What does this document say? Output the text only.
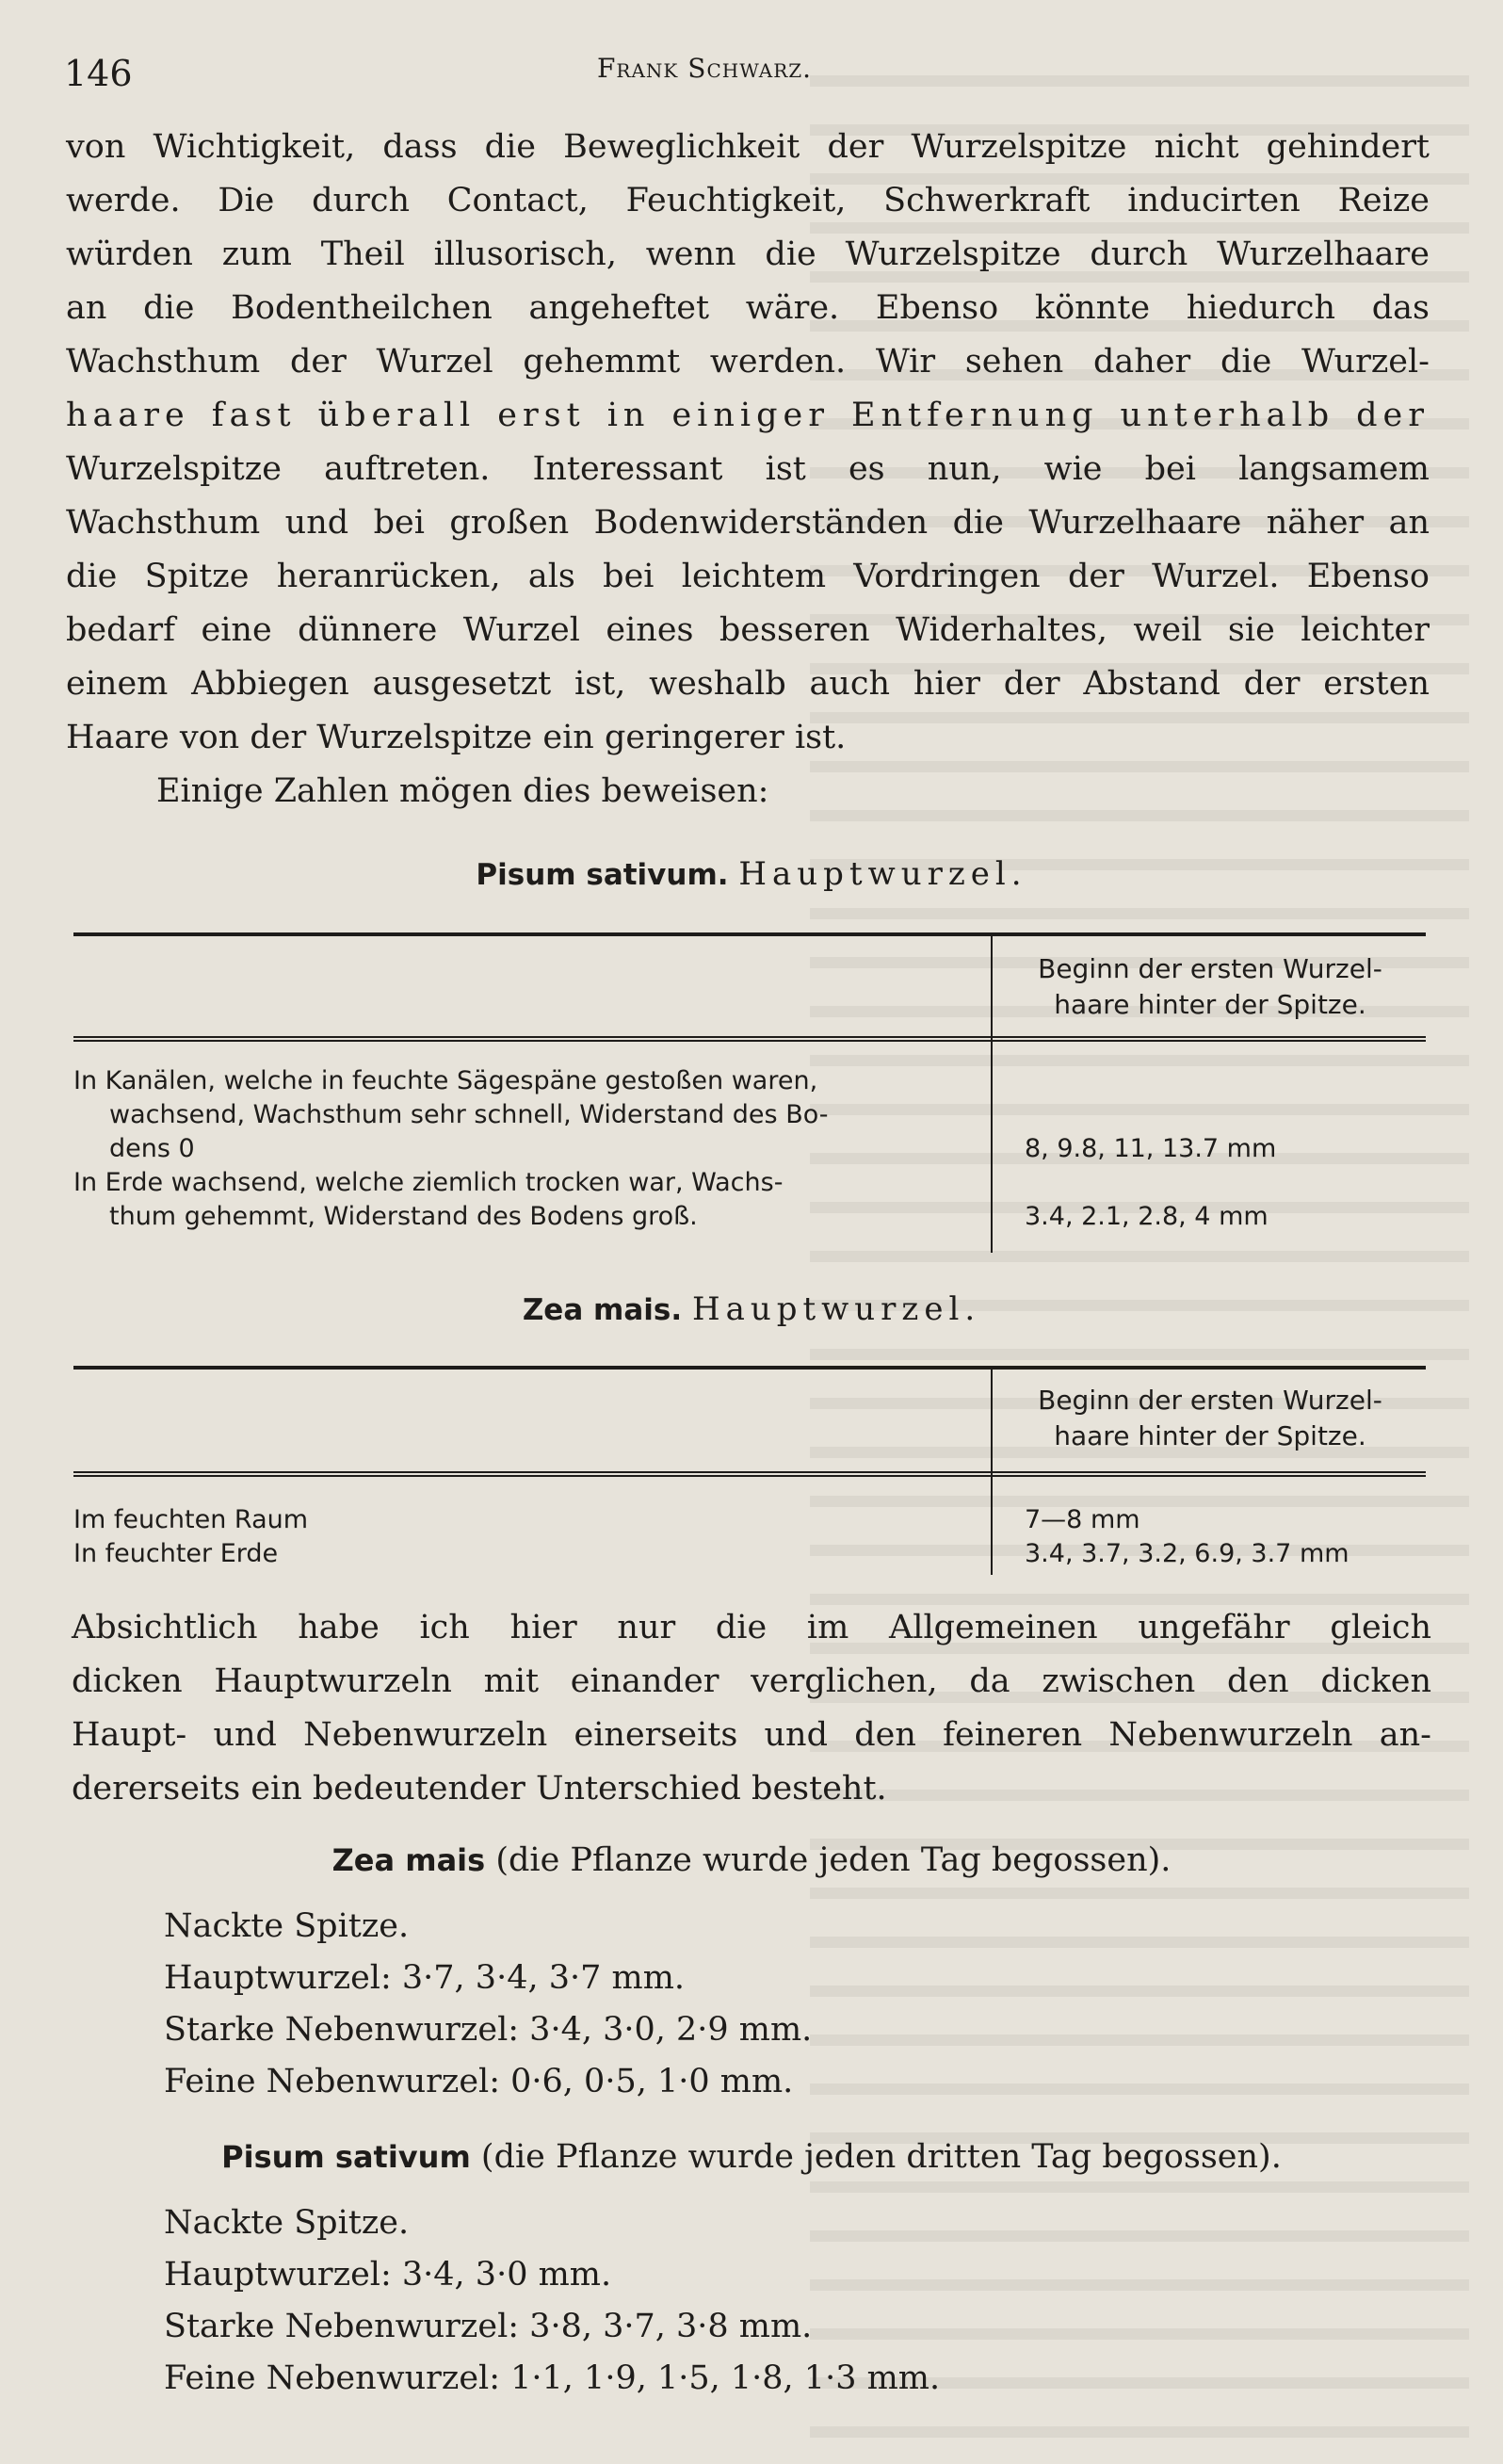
146	Frank Schwarz.
von Wichtigkeit, dass die Beweglichkeit der Wurzelspitze nicht gehindert
werde. Die durch Contact, Feuchtigkeit, Schwerkraft inducirten Reize
würden zum Theil illusorisch, wenn die Wurzelspitze durch Wurzelhaare
an die Bodentheilchen angeheftet wäre. Ebenso könnte hiedurch das
Wachsthum der Wurzel gehemmt werden. Wir sehen daher die Wurzel-
haare fast überall erst in einiger Entfernung unterhalb der
Wurzelspitze auftreten. Interessant ist es nun, wie bei langsamem
Wachsthum und bei großen Bodenwiderständen die Wurzelhaare näher an
die Spitze heranrücken, als bei leichtem Vordringen der Wurzel. Ebenso
bedarf eine dünnere Wurzel eines besseren Widerhaltes, weil sie leichter
einem Abbiegen ausgesetzt ist, weshalb auch hier der Abstand der ersten
Haare von der Wurzelspitze ein geringerer ist.
Einige Zahlen mögen dies beweisen:
Pisum sativum. Hauptwurzel.
Beginn der ersten Wurzel-
haare hinter der Spitze.
In Kanälen, welche in feuchte Sägespäne gestoßen waren,
wachsend, Wachsthum sehr schnell, Widerstand des Bo-
dens 0
In Erde wachsend, welche ziemlich trocken war, Wachs-
thum gehemmt, Widerstand des Bodens groß.
8, 9.8, 11, 13.7 mm
3.4, 2.1, 2.8, 4 mm
Zea mais. Hauptwurzel.
Beginn der ersten Wurzel-
haare hinter der Spitze.
Im feuchten Raum
In feuchter Erde
7—8 mm
3.4, 3.7, 3.2, 6.9, 3.7 mm
Absichtlich habe ich hier nur die im Allgemeinen ungefähr gleich
dicken Hauptwurzeln mit einander verglichen, da zwischen den dicken
Haupt- und Nebenwurzeln einerseits und den feineren Nebenwurzeln an-
dererseits ein bedeutender Unterschied besteht.
Zea mais (die Pflanze wurde jeden Tag begossen).
Nackte Spitze.
Hauptwurzel: 3·7, 3·4, 3·7 mm.
Starke Nebenwurzel: 3·4, 3·0, 2·9 mm.
Feine Nebenwurzel: 0·6, 0·5, 1·0 mm.
Pisum sativum (die Pflanze wurde jeden dritten Tag begossen).
Nackte Spitze.
Hauptwurzel: 3·4, 3·0 mm.
Starke Nebenwurzel: 3·8, 3·7, 3·8 mm.
Feine Nebenwurzel: 1·1, 1·9, 1·5, 1·8, 1·3 mm.
